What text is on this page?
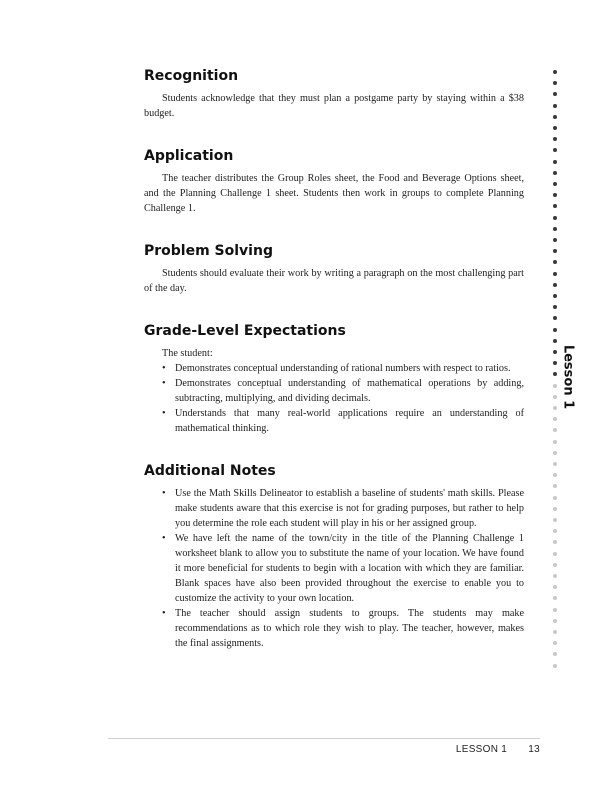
Recognition

Students acknowledge that they must plan a postgame party by staying within a $38 budget.

Application

The teacher distributes the Group Roles sheet, the Food and Beverage Options sheet, and the Planning Challenge 1 sheet. Students then work in groups to complete Planning Challenge 1.

Problem Solving

Students should evaluate their work by writing a paragraph on the most challenging part of the day.

Grade-Level Expectations

The student:

• Demonstrates conceptual understanding of rational numbers with respect to ratios.
• Demonstrates conceptual understanding of mathematical operations by adding, subtracting, multiplying, and dividing decimals.
• Understands that many real-world applications require an understanding of mathematical thinking.
Additional Notes
• Use the Math Skills Delineator to establish a baseline of students' math skills. Please make students aware that this exercise is not for grading purposes, but rather to help you determine the role each student will play in his or her assigned group.
• We have left the name of the town/city in the title of the Planning Challenge 1 worksheet blank to allow you to substitute the name of your location. We have found it more beneficial for students to begin with a location with which they are familiar. Blank spaces have also been provided throughout the exercise to enable you to customize the activity to your own location.
• The teacher should assign students to groups. The students may make recommendations as to which role they wish to play. The teacher, however, makes the final assignments.
Lesson 1
LESSON 1 13
